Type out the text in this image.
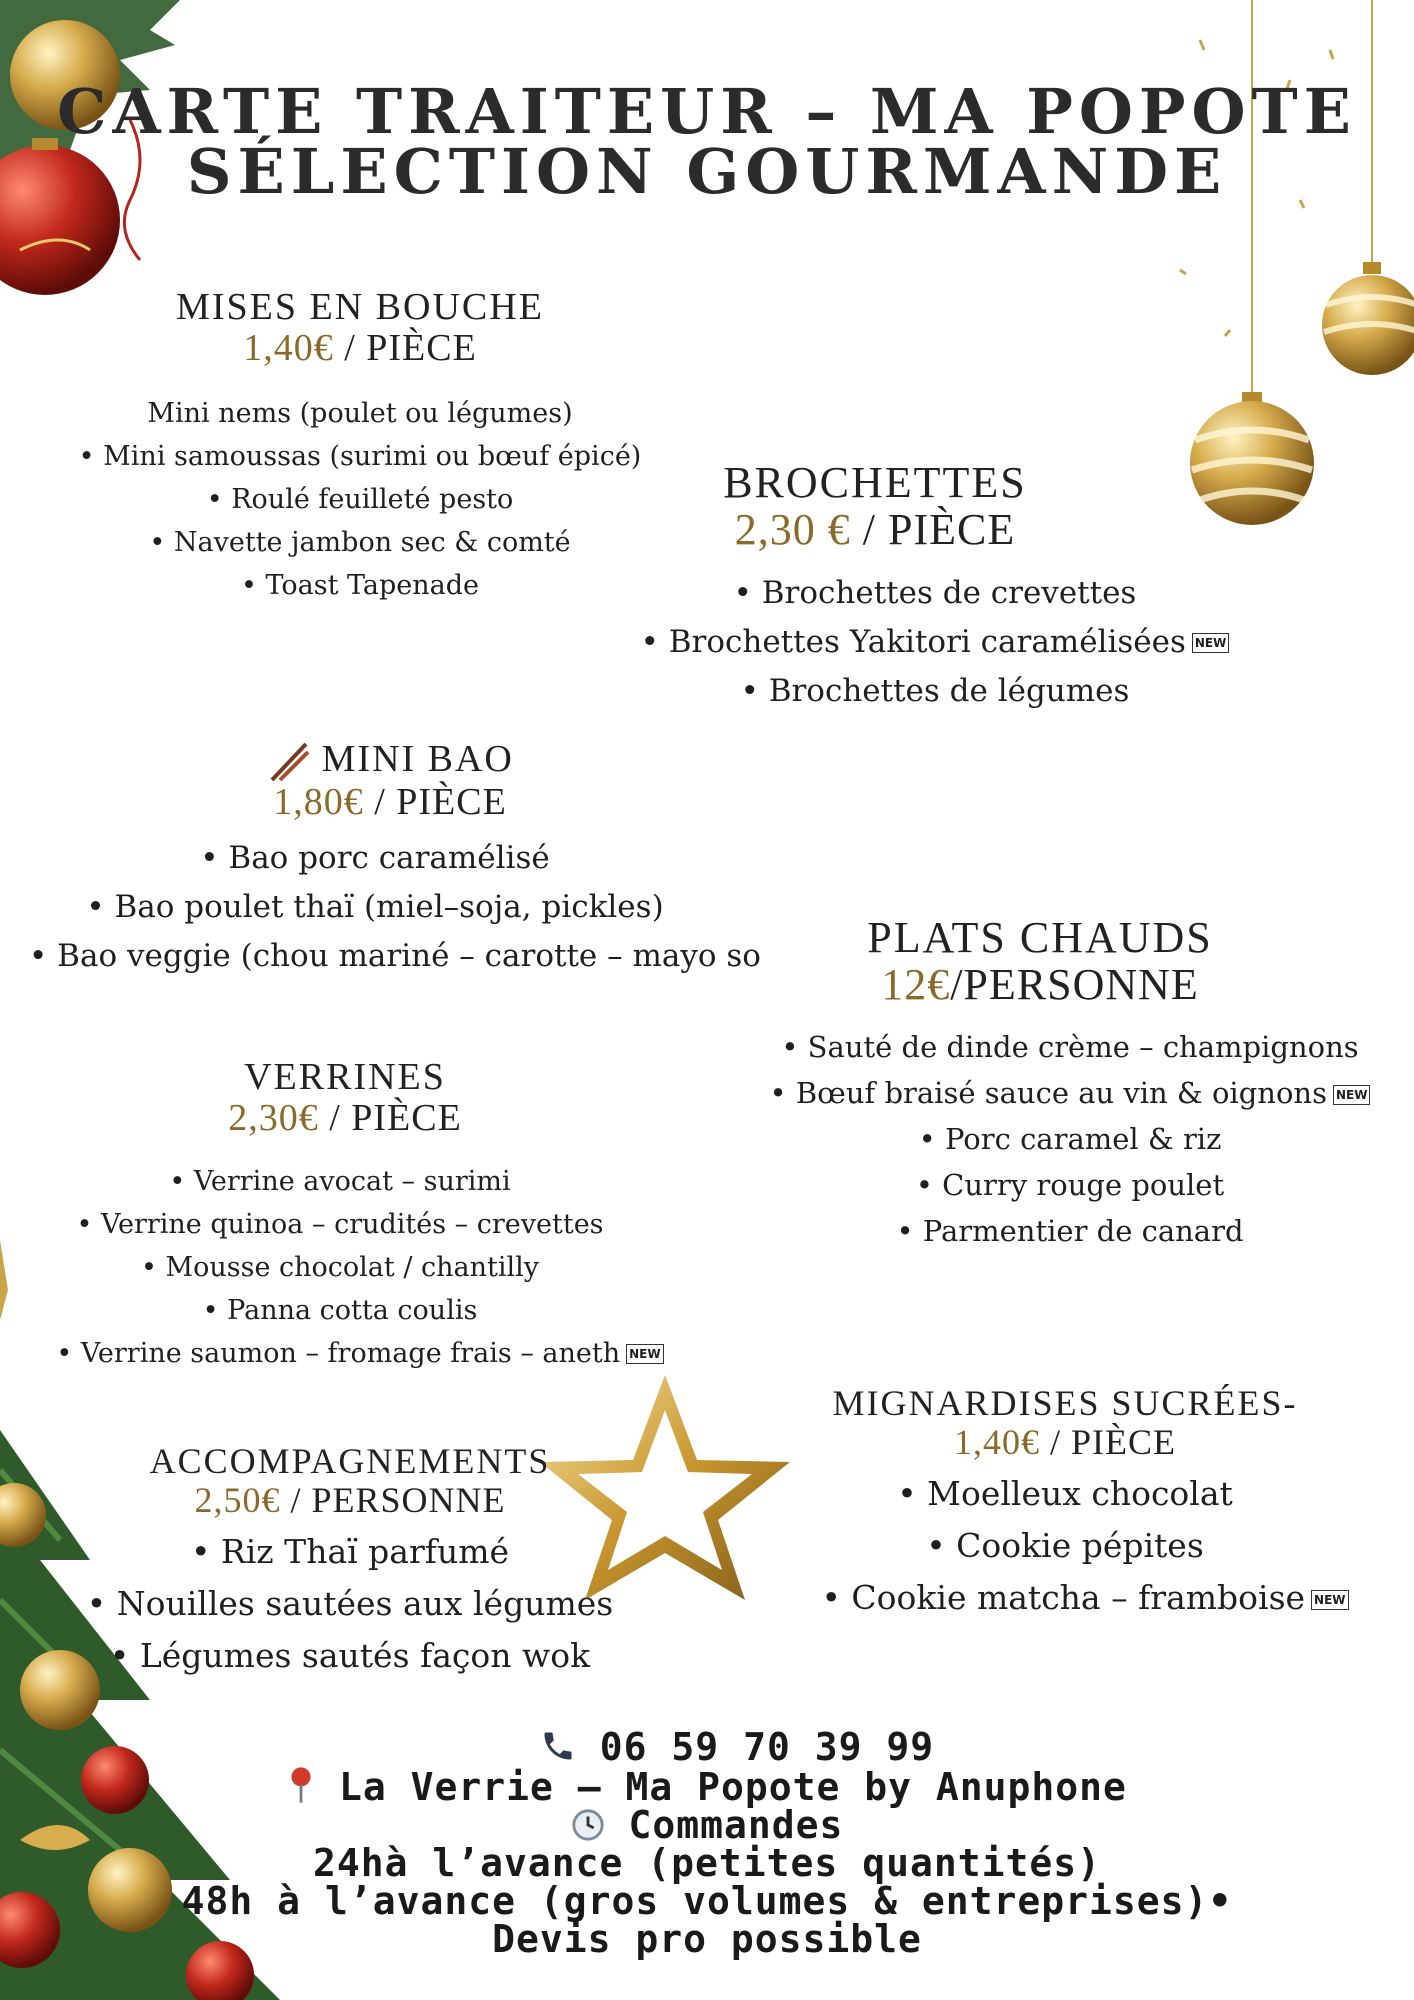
CARTE TRAITEUR – MA POPOTE
SÉLECTION GOURMANDE
MISES EN BOUCHE
1,40€ / PIÈCE
Mini nems (poulet ou légumes)
• Mini samoussas (surimi ou bœuf épicé)
• Roulé feuilleté pesto
• Navette jambon sec & comté
• Toast Tapenade
BROCHETTES
2,30 € / PIÈCE
• Brochettes de crevettes
• Brochettes Yakitori caramélisées NEW
• Brochettes de légumes
MINI BAO
1,80€ / PIÈCE
• Bao porc caramélisé
• Bao poulet thaï (miel–soja, pickles)
• Bao veggie (chou mariné – carotte – mayo so	PLATS CHAUDS
12€/PERSONNE
• Sauté de dinde crème – champignons
• Bœuf braisé sauce au vin & oignons NEW
• Porc caramel & riz
• Curry rouge poulet
• Parmentier de canard
VERRINES
2,30€ / PIÈCE
• Verrine avocat – surimi
• Verrine quinoa – crudités – crevettes
• Mousse chocolat / chantilly
• Panna cotta coulis
• Verrine saumon – fromage frais – aneth NEW
MIGNARDISES SUCRÉES-
1,40€ / PIÈCE
• Moelleux chocolat
• Cookie pépites
• Cookie matcha – framboise NEW
ACCOMPAGNEMENTS
2,50€ / PERSONNE
• Riz Thaï parfumé
• Nouilles sautées aux légumes
• Légumes sautés façon wok
06 59 70 39 99
La Verrie – Ma Popote by Anuphone
Commandes
24hà l’avance (petites quantités)
48h à l’avance (gros volumes & entreprises)•
Devis pro possible
